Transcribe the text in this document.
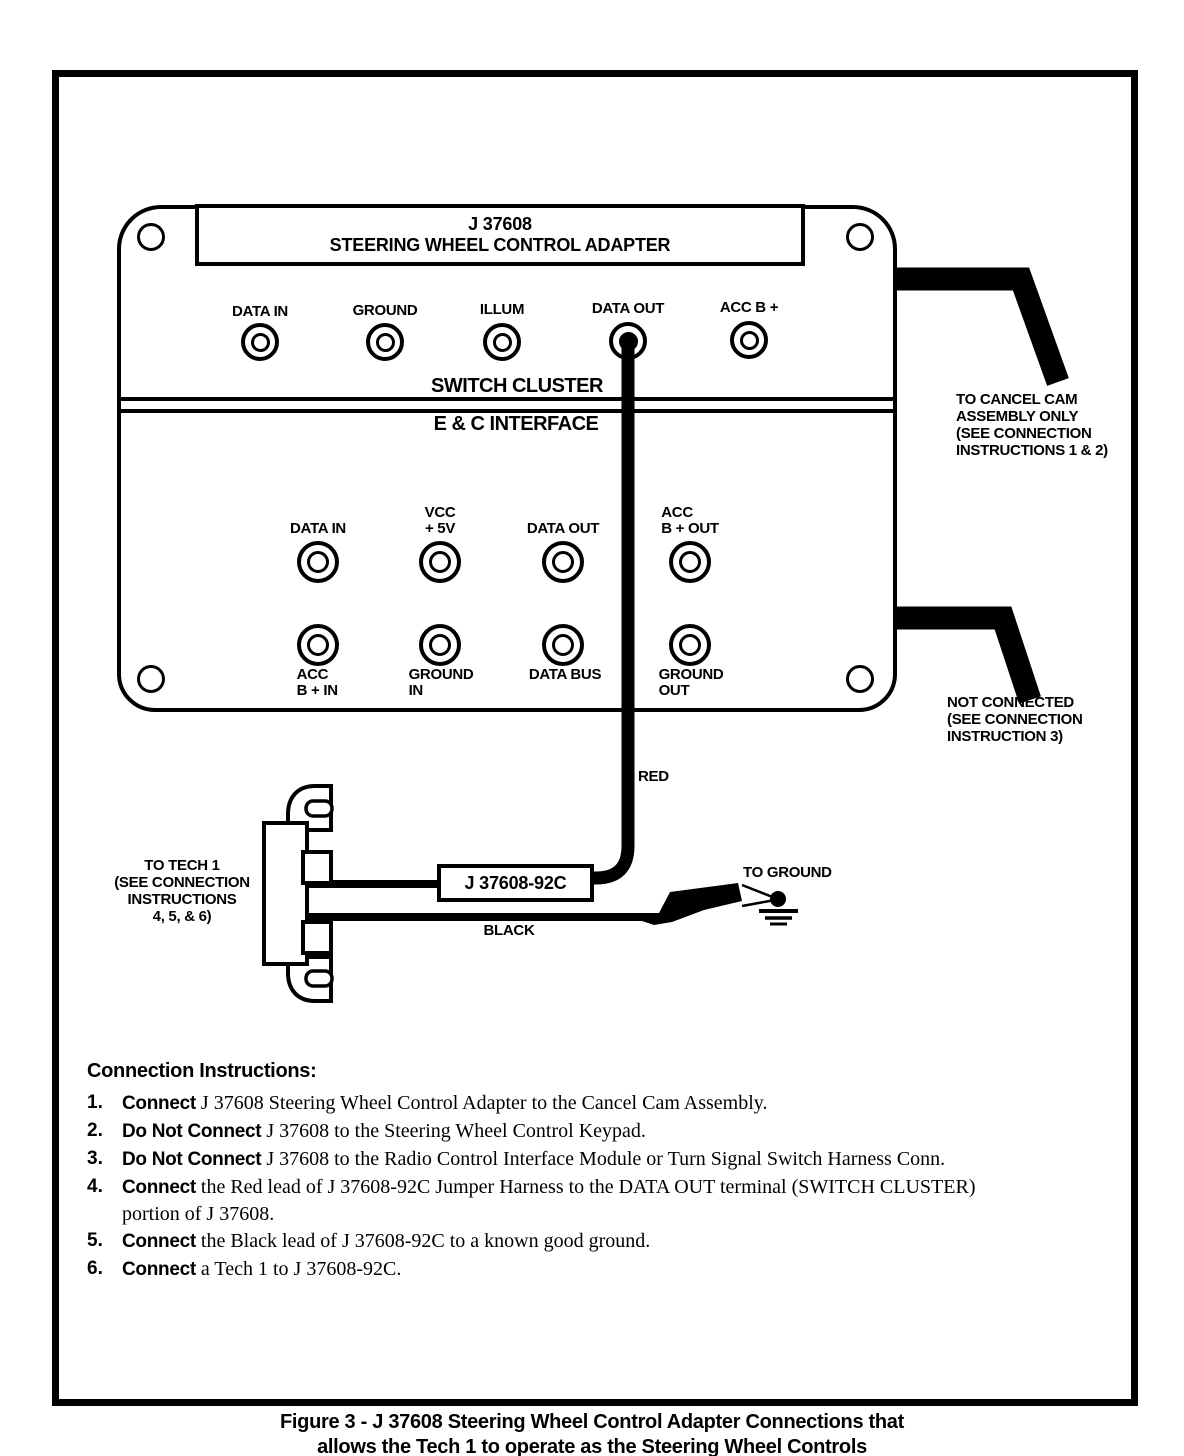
J 37608
STEERING WHEEL CONTROL ADAPTER
SWITCH CLUSTER
E & C INTERFACE
DATA IN	GROUND	ILLUM	DATA OUT	ACC B +
DATA IN
VCC
+ 5V	DATA OUT
ACC
B + OUT
ACC
B + IN
GROUND
IN
DATA BUS	GROUND
OUT
J 37608-92C
RED
BLACK
TO GROUND
TO CANCEL CAM
ASSEMBLY ONLY
(SEE CONNECTION
INSTRUCTIONS 1 & 2)
NOT CONNECTED
(SEE CONNECTION
INSTRUCTION 3)
TO TECH 1
(SEE CONNECTION
INSTRUCTIONS
4, 5, & 6)
Connection Instructions:
1.	Connect J 37608 Steering Wheel Control Adapter to the Cancel Cam Assembly.
2.	Do Not Connect J 37608 to the Steering Wheel Control Keypad.
3.	Do Not Connect J 37608 to the Radio Control Interface Module or Turn Signal Switch Harness Conn.
4.	Connect the Red lead of J 37608-92C Jumper Harness to the DATA OUT terminal (SWITCH CLUSTER)
portion of J 37608.
5.	Connect the Black lead of J 37608-92C to a known good ground.
6.	Connect a Tech 1 to J 37608-92C.
Figure 3 - J 37608 Steering Wheel Control Adapter Connections that
allows the Tech 1 to operate as the Steering Wheel Controls
